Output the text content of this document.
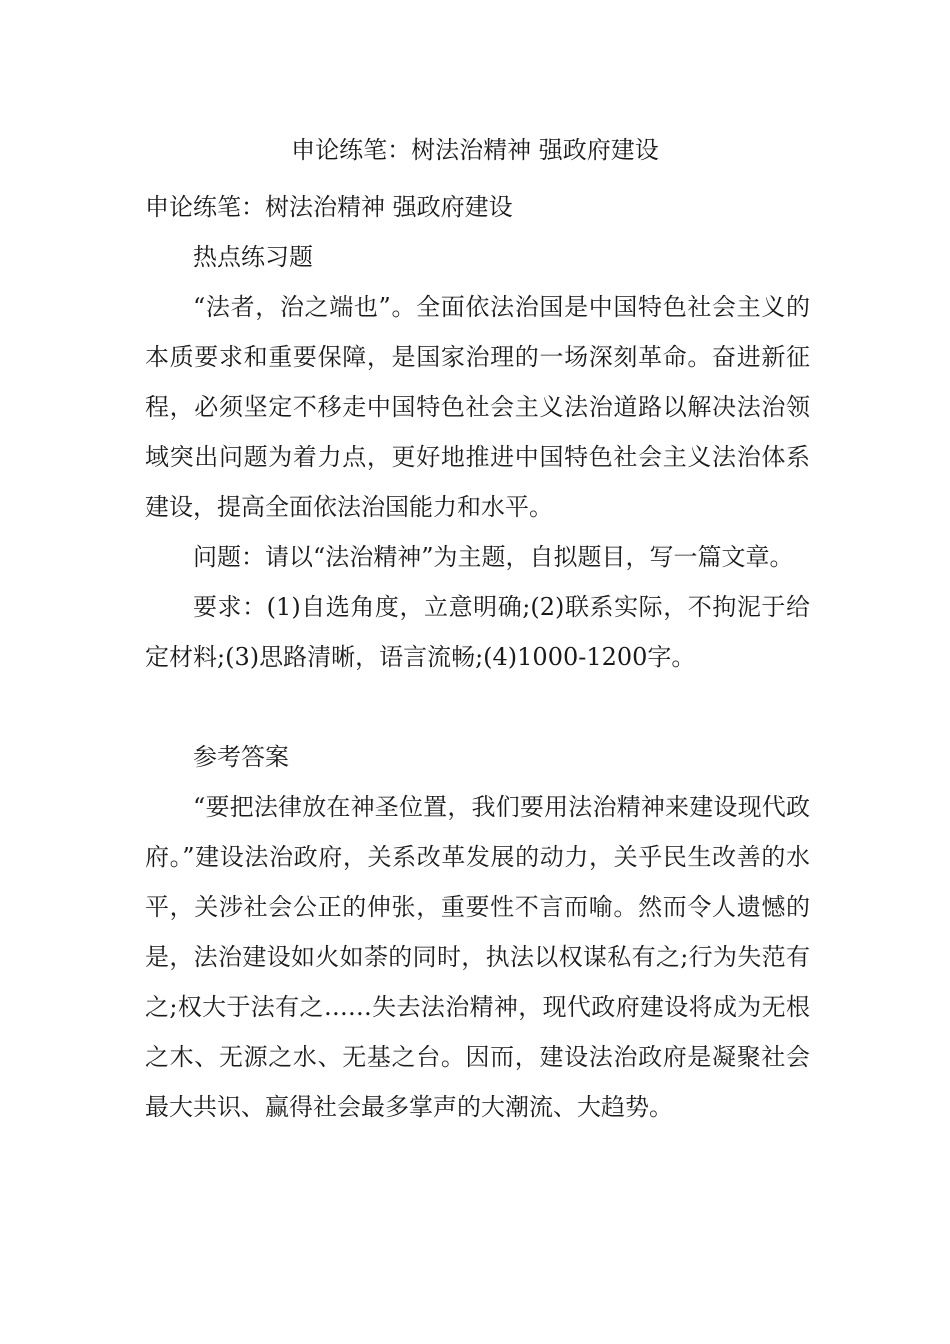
申论练笔：树法治精神 强政府建设

申论练笔：树法治精神 强政府建设

热点练习题

“法者，治之端也”。全面依法治国是中国特色社会主义的本质要求和重要保障，是国家治理的一场深刻革命。奋进新征程，必须坚定不移走中国特色社会主义法治道路以解决法治领域突出问题为着力点，更好地推进中国特色社会主义法治体系建设，提高全面依法治国能力和水平。

问题：请以“法治精神”为主题，自拟题目，写一篇文章。

要求：(1)自选角度，立意明确;(2)联系实际，不拘泥于给定材料;(3)思路清晰，语言流畅;(4)1000-1200字。

参考答案

“要把法律放在神圣位置，我们要用法治精神来建设现代政府。”建设法治政府，关系改革发展的动力，关乎民生改善的水平，关涉社会公正的伸张，重要性不言而喻。然而令人遗憾的是，法治建设如火如荼的同时，执法以权谋私有之;行为失范有之;权大于法有之……失去法治精神，现代政府建设将成为无根之木、无源之水、无基之台。因而，建设法治政府是凝聚社会最大共识、赢得社会最多掌声的大潮流、大趋势。
